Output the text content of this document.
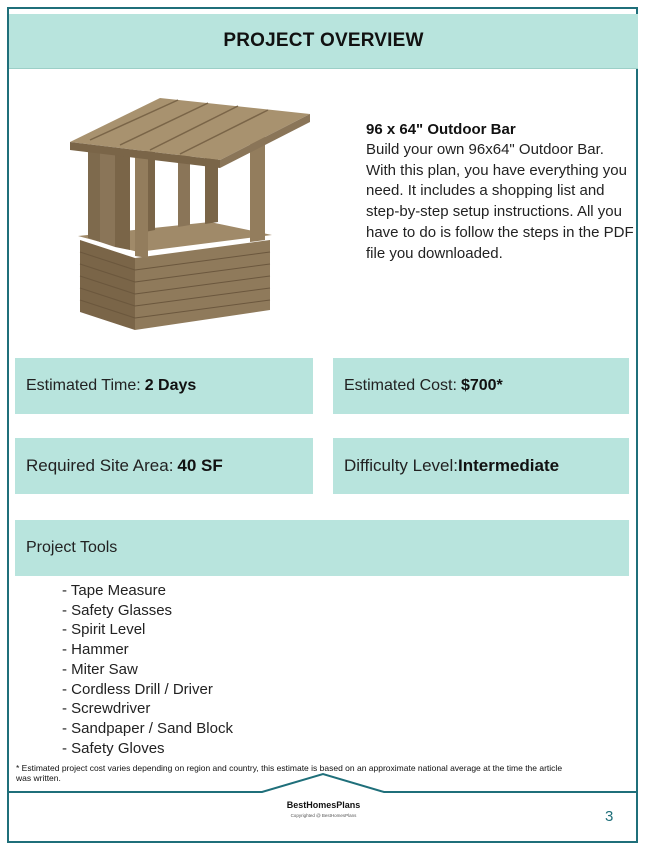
PROJECT OVERVIEW
96 x 64" Outdoor Bar
Build your own 96x64" Outdoor Bar. With this plan, you have everything you need. It includes a shopping list and step-by-step setup instructions. All you have to do is follow the steps in the PDF file you downloaded.
Estimated Time: 2 Days	Estimated Cost: $700*
Required Site Area: 40 SF	Difficulty Level: Intermediate
Project Tools
- Tape Measure
- Safety Glasses
- Spirit Level
- Hammer
- Miter Saw
- Cordless Drill / Driver
- Screwdriver
- Sandpaper / Sand Block
- Safety Gloves
* Estimated project cost varies depending on region and country, this estimate is based on an approximate national average at the time the article was written.
BestHomesPlans
Copyrighted @ BestHomesPlans	3
